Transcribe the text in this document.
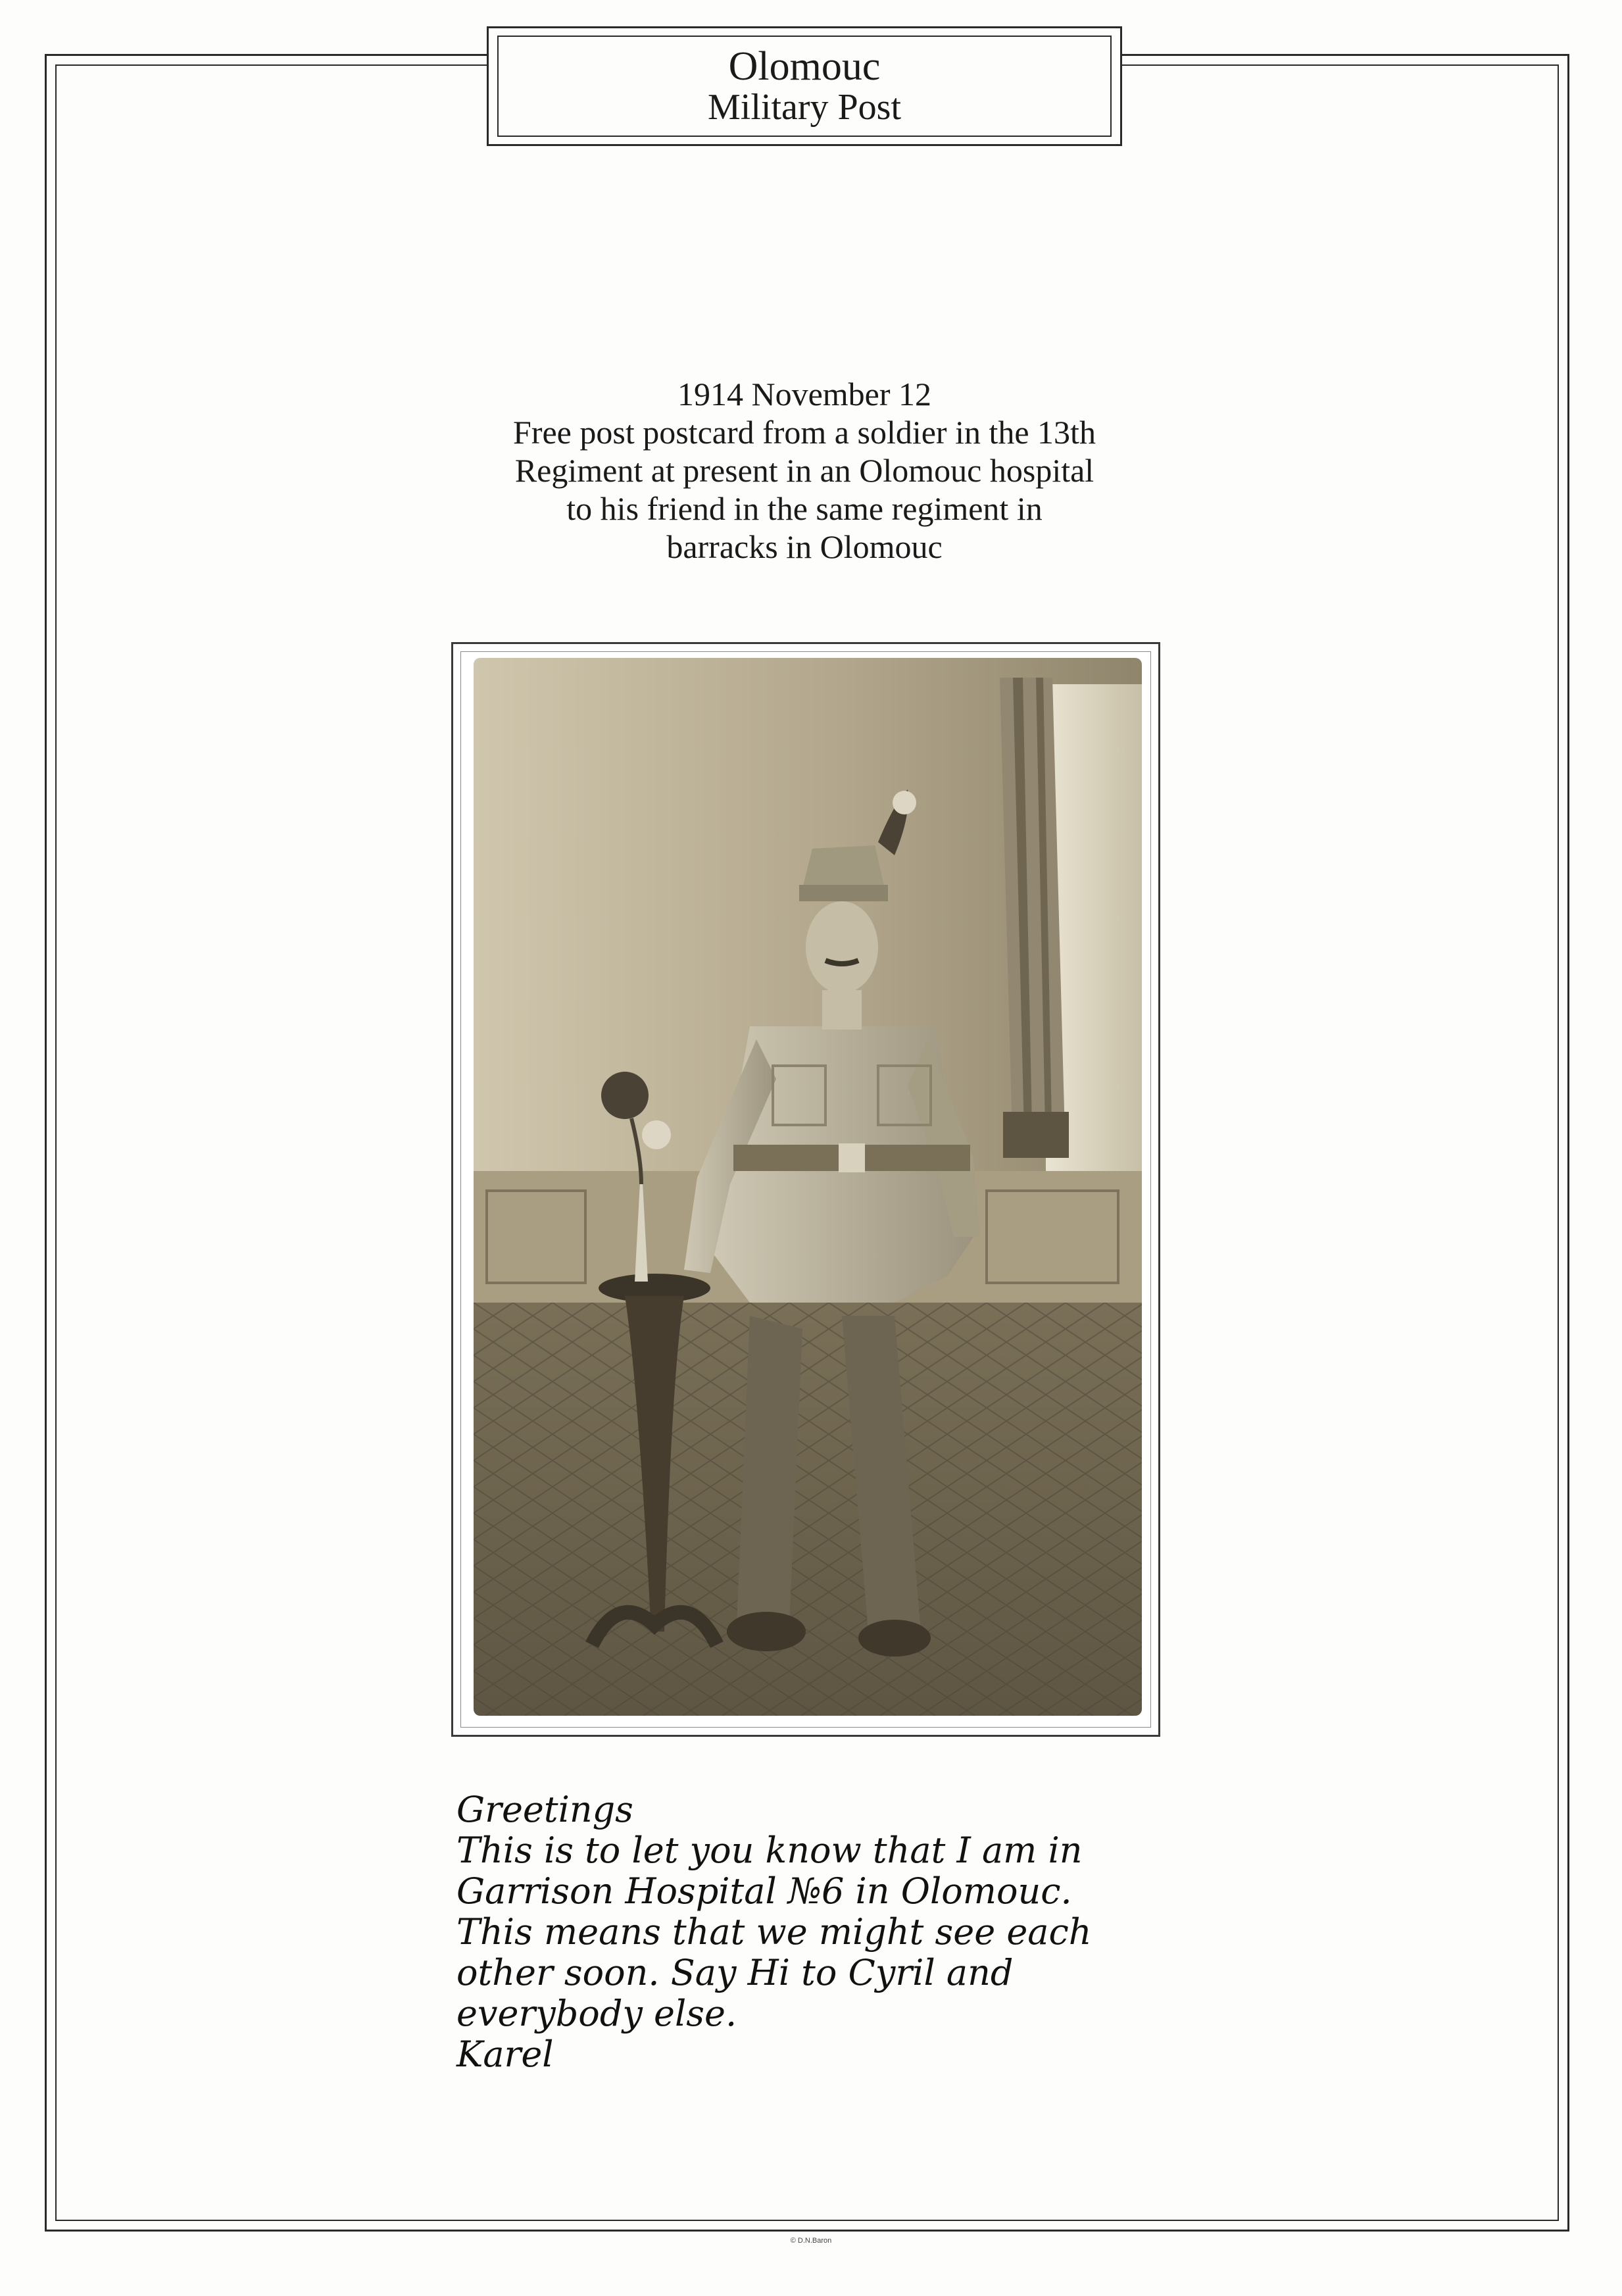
Olomouc
Military Post
1914 November 12
Free post postcard from a soldier in the 13th
Regiment at present in an Olomouc hospital
to his friend in the same regiment in
barracks in Olomouc
Greetings
This is to let you know that I am in
Garrison Hospital №6 in Olomouc.
This means that we might see each
other soon. Say Hi to Cyril and
everybody else.
Karel
© D.N.Baron
